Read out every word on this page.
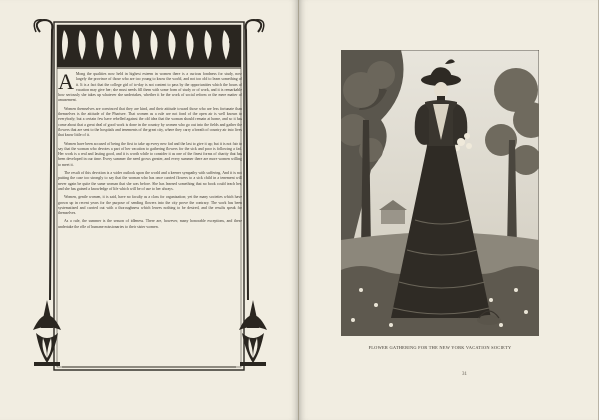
A Mong the qualities now held in highest esteem in women there is a curious fondness for study, now largely the province of those who are too young to know the world, and not too old to learn something of it. It is a fact that the college girl of to-day is not content to pass by the opportunities which the hours of vacation may give her; she must needs fill them with some form of study or of work, and it is remarkable how seriously she takes up whatever she undertakes, whether it be the work of social reform or the mere matter of amusement.

Women themselves are convinced that they are kind, and their attitude toward those who are less fortunate than themselves is the attitude of the Pharisee. That women as a rule are not fond of the open air is well known to everybody; but a certain few have rebelled against the old idea that the woman should remain at home, and so it has come about that a great deal of good work is done in the country by women who go out into the fields and gather the flowers that are sent to the hospitals and tenements of the great city, where they carry a breath of country air into lives that know little of it.

Women have been accused of being the first to take up every new fad and the last to give it up; but it is not fair to say that the woman who devotes a part of her vacation to gathering flowers for the sick and poor is following a fad. Her work is a real and lasting good, and it is worth while to consider it as one of the finest forms of charity that has been developed in our time. Every summer the need grows greater, and every summer there are more women willing to meet it.

The result of this devotion is a wider outlook upon the world and a keener sympathy with suffering. And it is not putting the case too strongly to say that the woman who has once carried flowers to a sick child in a tenement will never again be quite the same woman that she was before. She has learned something that no book could teach her, and she has gained a knowledge of life which will be of use to her always.

Women, gentle women, it is said, have no faculty as a class for organization; yet the many societies which have grown up in recent years for the purpose of sending flowers into the city prove the contrary. The work has been systematized and carried out with a thoroughness which leaves nothing to be desired, and the results speak for themselves.

As a rule, the summer is the season of idleness. There are, however, many honorable exceptions, and these undertake the rôle of humane missionaries to their sister women.

FLOWER GATHERING FOR THE NEW YORK VACATION SOCIETY
31
